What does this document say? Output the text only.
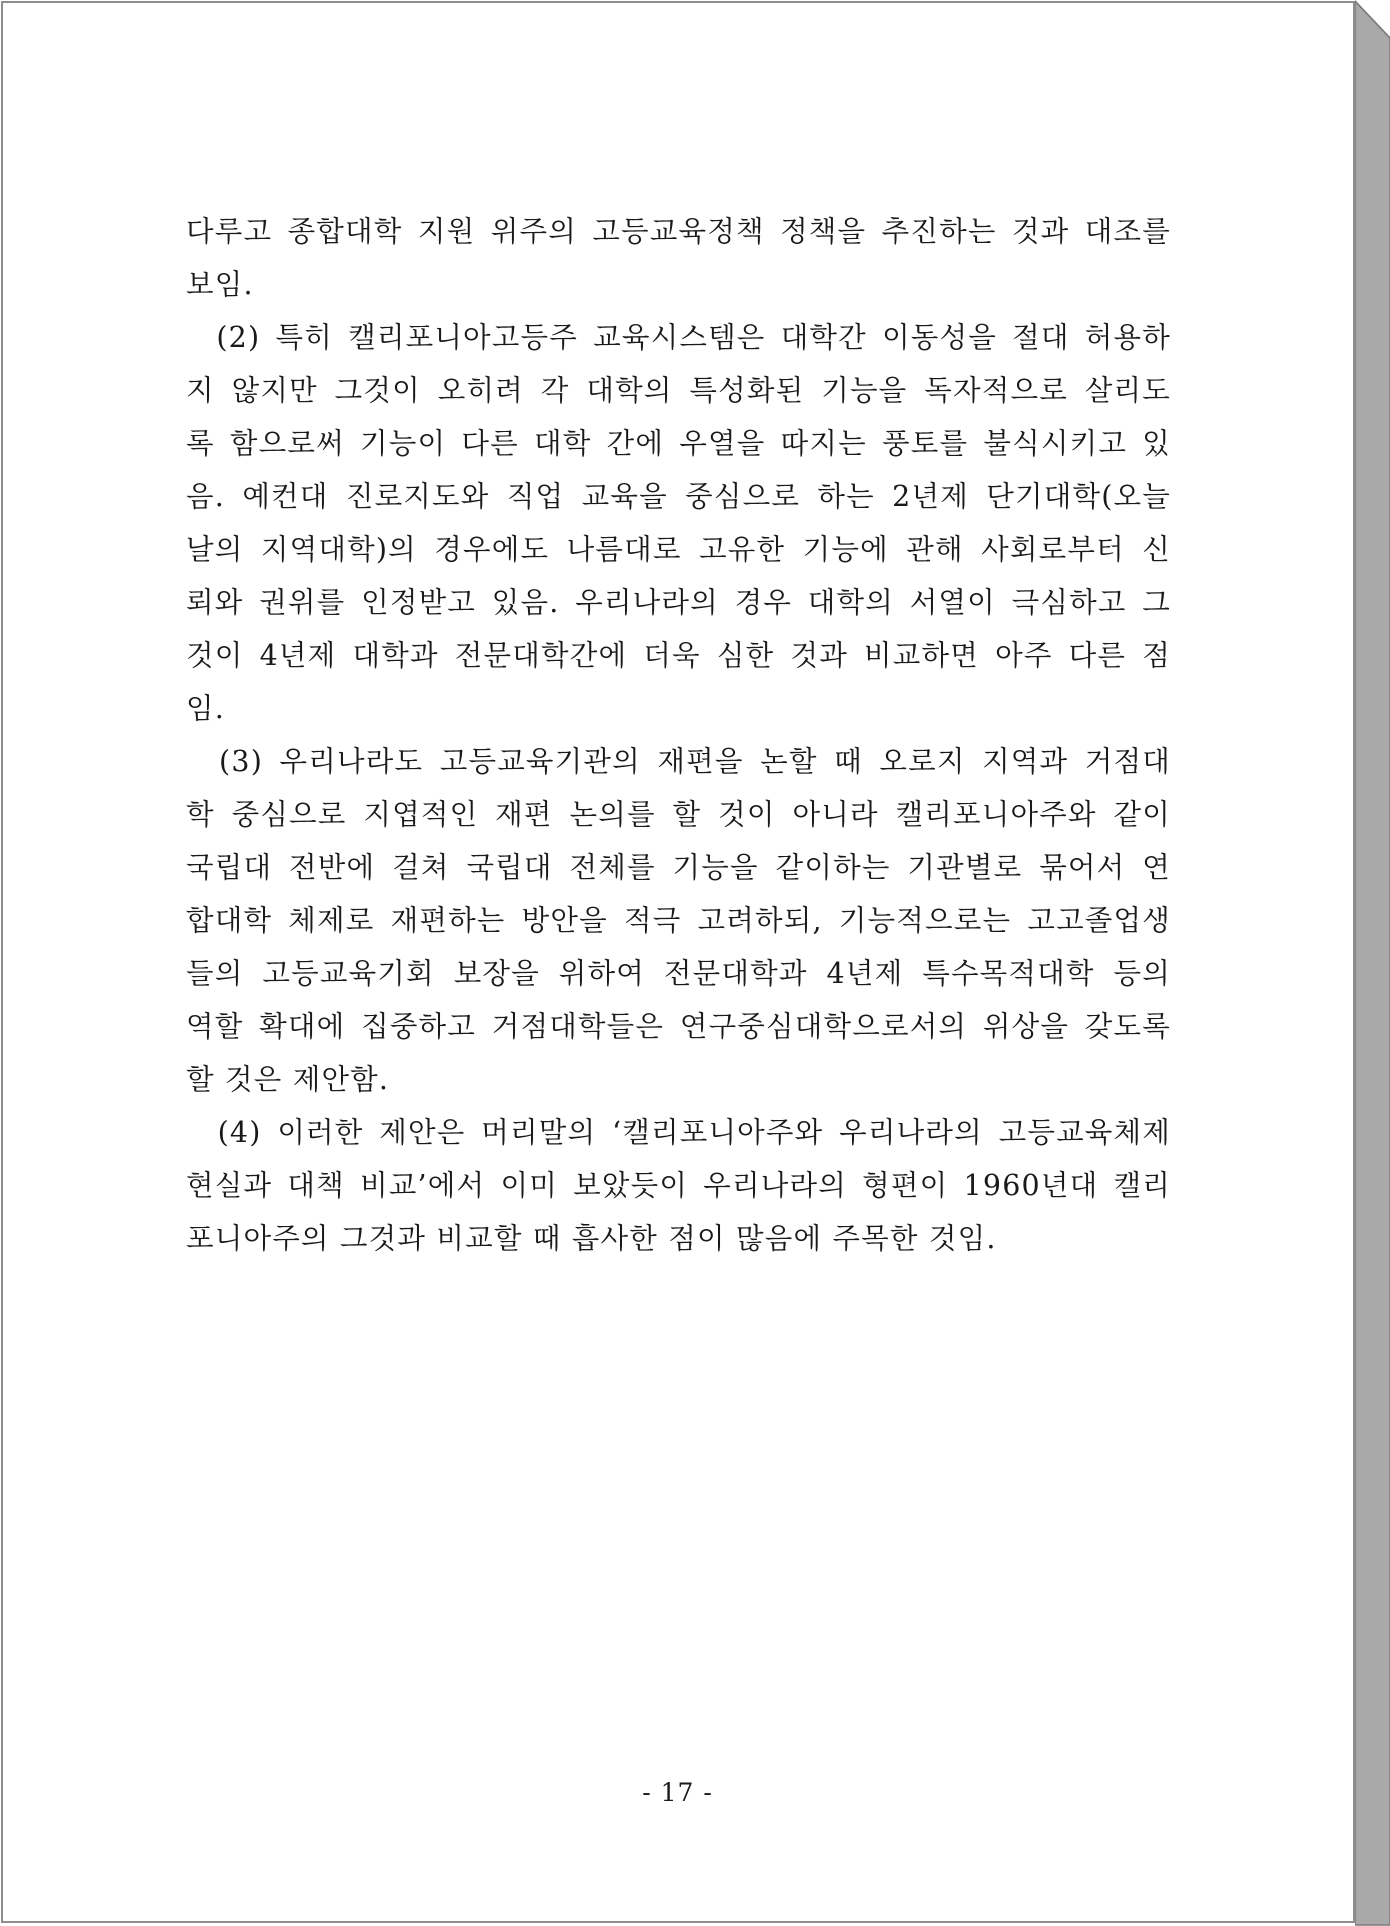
다루고 종합대학 지원 위주의 고등교육정책 정책을 추진하는 것과 대조를

보임.

(2) 특히 캘리포니아고등주 교육시스템은 대학간 이동성을 절대 허용하

지 않지만 그것이 오히려 각 대학의 특성화된 기능을 독자적으로 살리도

록 함으로써 기능이 다른 대학 간에 우열을 따지는 풍토를 불식시키고 있

음. 예컨대 진로지도와 직업 교육을 중심으로 하는 2년제 단기대학(오늘

날의 지역대학)의 경우에도 나름대로 고유한 기능에 관해 사회로부터 신

뢰와 권위를 인정받고 있음. 우리나라의 경우 대학의 서열이 극심하고 그

것이 4년제 대학과 전문대학간에 더욱 심한 것과 비교하면 아주 다른 점

임.

(3) 우리나라도 고등교육기관의 재편을 논할 때 오로지 지역과 거점대

학 중심으로 지엽적인 재편 논의를 할 것이 아니라 캘리포니아주와 같이

국립대 전반에 걸쳐 국립대 전체를 기능을 같이하는 기관별로 묶어서 연

합대학 체제로 재편하는 방안을 적극 고려하되, 기능적으로는 고고졸업생

들의 고등교육기회 보장을 위하여 전문대학과 4년제 특수목적대학 등의

역할 확대에 집중하고 거점대학들은 연구중심대학으로서의 위상을 갖도록

할 것은 제안함.

(4) 이러한 제안은 머리말의 ‘캘리포니아주와 우리나라의 고등교육체제

현실과 대책 비교’에서 이미 보았듯이 우리나라의 형편이 1960년대 캘리

포니아주의 그것과 비교할 때 흡사한 점이 많음에 주목한 것임.

- 17 -
